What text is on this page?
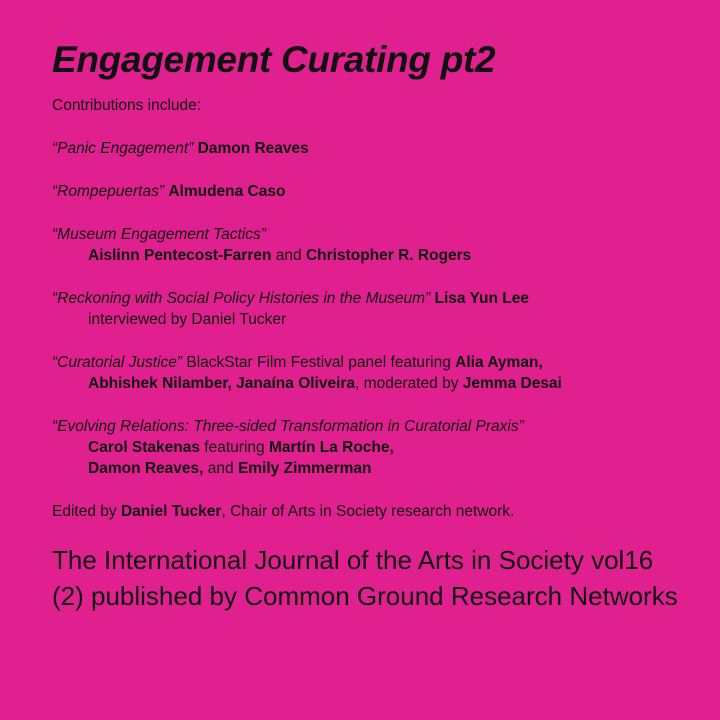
Engagement Curating pt2
Contributions include:
“Panic Engagement” Damon Reaves
“Rompepuertas” Almudena Caso
“Museum Engagement Tactics”
Aislinn Pentecost-Farren and Christopher R. Rogers
“Reckoning with Social Policy Histories in the Museum” Lisa Yun Lee
interviewed by Daniel Tucker
“Curatorial Justice” BlackStar Film Festival panel featuring Alia Ayman,
Abhishek Nilamber, Janaína Oliveira, moderated by Jemma Desai
“Evolving Relations: Three-sided Transformation in Curatorial Praxis”
Carol Stakenas featuring Martín La Roche,
Damon Reaves, and Emily Zimmerman
Edited by Daniel Tucker, Chair of Arts in Society research network.
The International Journal of the Arts in Society vol16 (2) published by Common Ground Research Networks
